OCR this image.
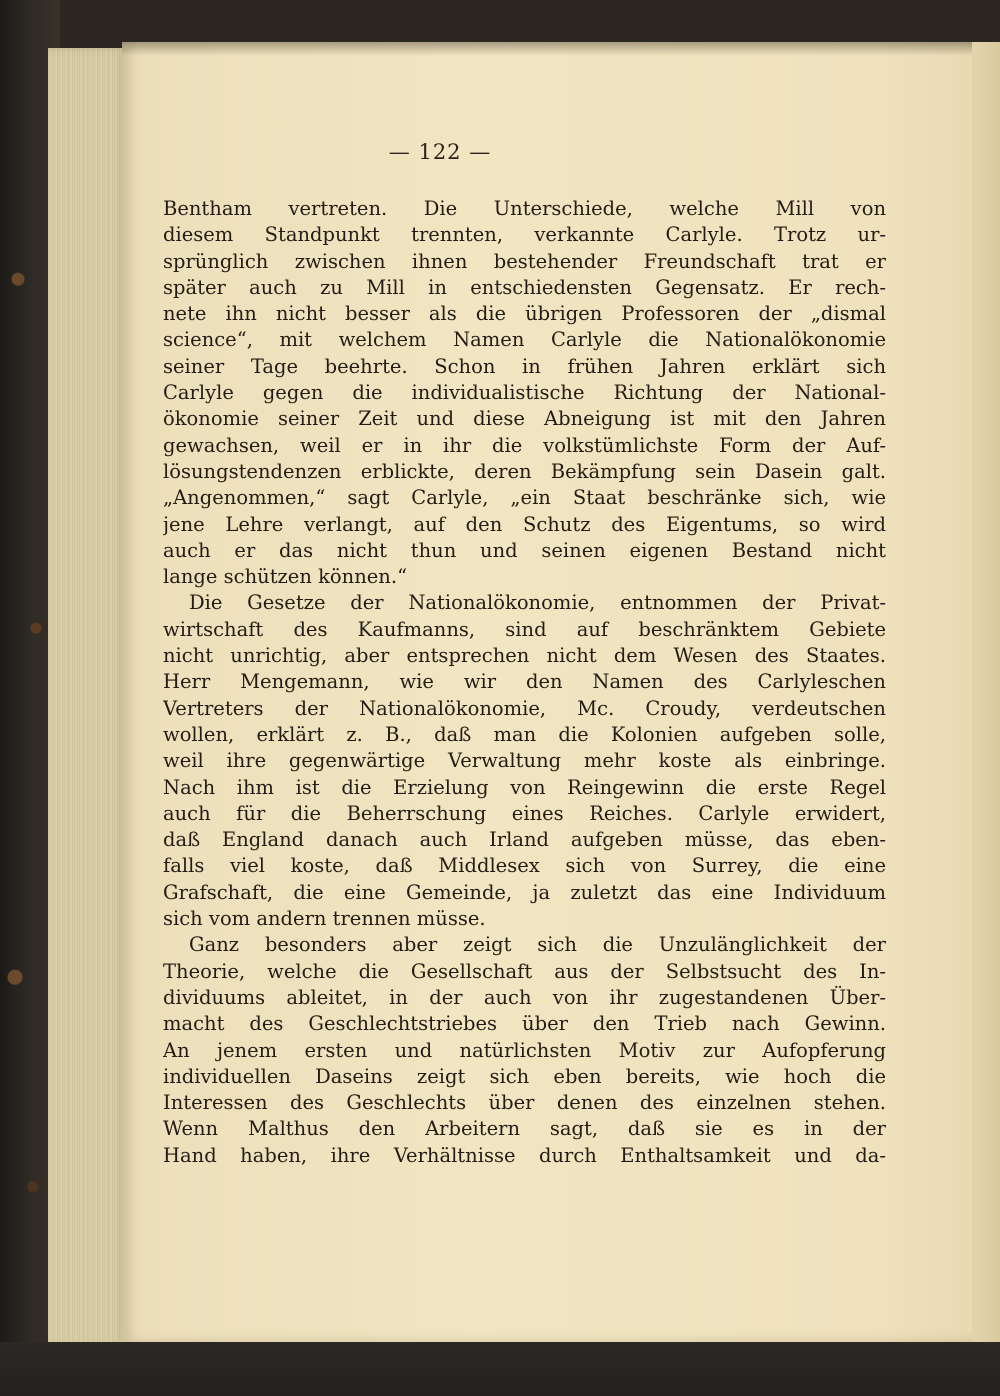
— 122 —
Bentham vertreten. Die Unterschiede, welche Mill von
diesem Standpunkt trennten, verkannte Carlyle. Trotz ur-
sprünglich zwischen ihnen bestehender Freundschaft trat er
später auch zu Mill in entschiedensten Gegensatz. Er rech-
nete ihn nicht besser als die übrigen Professoren der „dismal
science“, mit welchem Namen Carlyle die Nationalökonomie
seiner Tage beehrte. Schon in frühen Jahren erklärt sich
Carlyle gegen die individualistische Richtung der National-
ökonomie seiner Zeit und diese Abneigung ist mit den Jahren
gewachsen, weil er in ihr die volkstümlichste Form der Auf-
lösungstendenzen erblickte, deren Bekämpfung sein Dasein galt.
„Angenommen,“ sagt Carlyle, „ein Staat beschränke sich, wie
jene Lehre verlangt, auf den Schutz des Eigentums, so wird
auch er das nicht thun und seinen eigenen Bestand nicht
lange schützen können.“
Die Gesetze der Nationalökonomie, entnommen der Privat-
wirtschaft des Kaufmanns, sind auf beschränktem Gebiete
nicht unrichtig, aber entsprechen nicht dem Wesen des Staates.
Herr Mengemann, wie wir den Namen des Carlyleschen
Vertreters der Nationalökonomie, Mc. Croudy, verdeutschen
wollen, erklärt z. B., daß man die Kolonien aufgeben solle,
weil ihre gegenwärtige Verwaltung mehr koste als einbringe.
Nach ihm ist die Erzielung von Reingewinn die erste Regel
auch für die Beherrschung eines Reiches. Carlyle erwidert,
daß England danach auch Irland aufgeben müsse, das eben-
falls viel koste, daß Middlesex sich von Surrey, die eine
Grafschaft, die eine Gemeinde, ja zuletzt das eine Individuum
sich vom andern trennen müsse.
Ganz besonders aber zeigt sich die Unzulänglichkeit der
Theorie, welche die Gesellschaft aus der Selbstsucht des In-
dividuums ableitet, in der auch von ihr zugestandenen Über-
macht des Geschlechtstriebes über den Trieb nach Gewinn.
An jenem ersten und natürlichsten Motiv zur Aufopferung
individuellen Daseins zeigt sich eben bereits, wie hoch die
Interessen des Geschlechts über denen des einzelnen stehen.
Wenn Malthus den Arbeitern sagt, daß sie es in der
Hand haben, ihre Verhältnisse durch Enthaltsamkeit und da-
